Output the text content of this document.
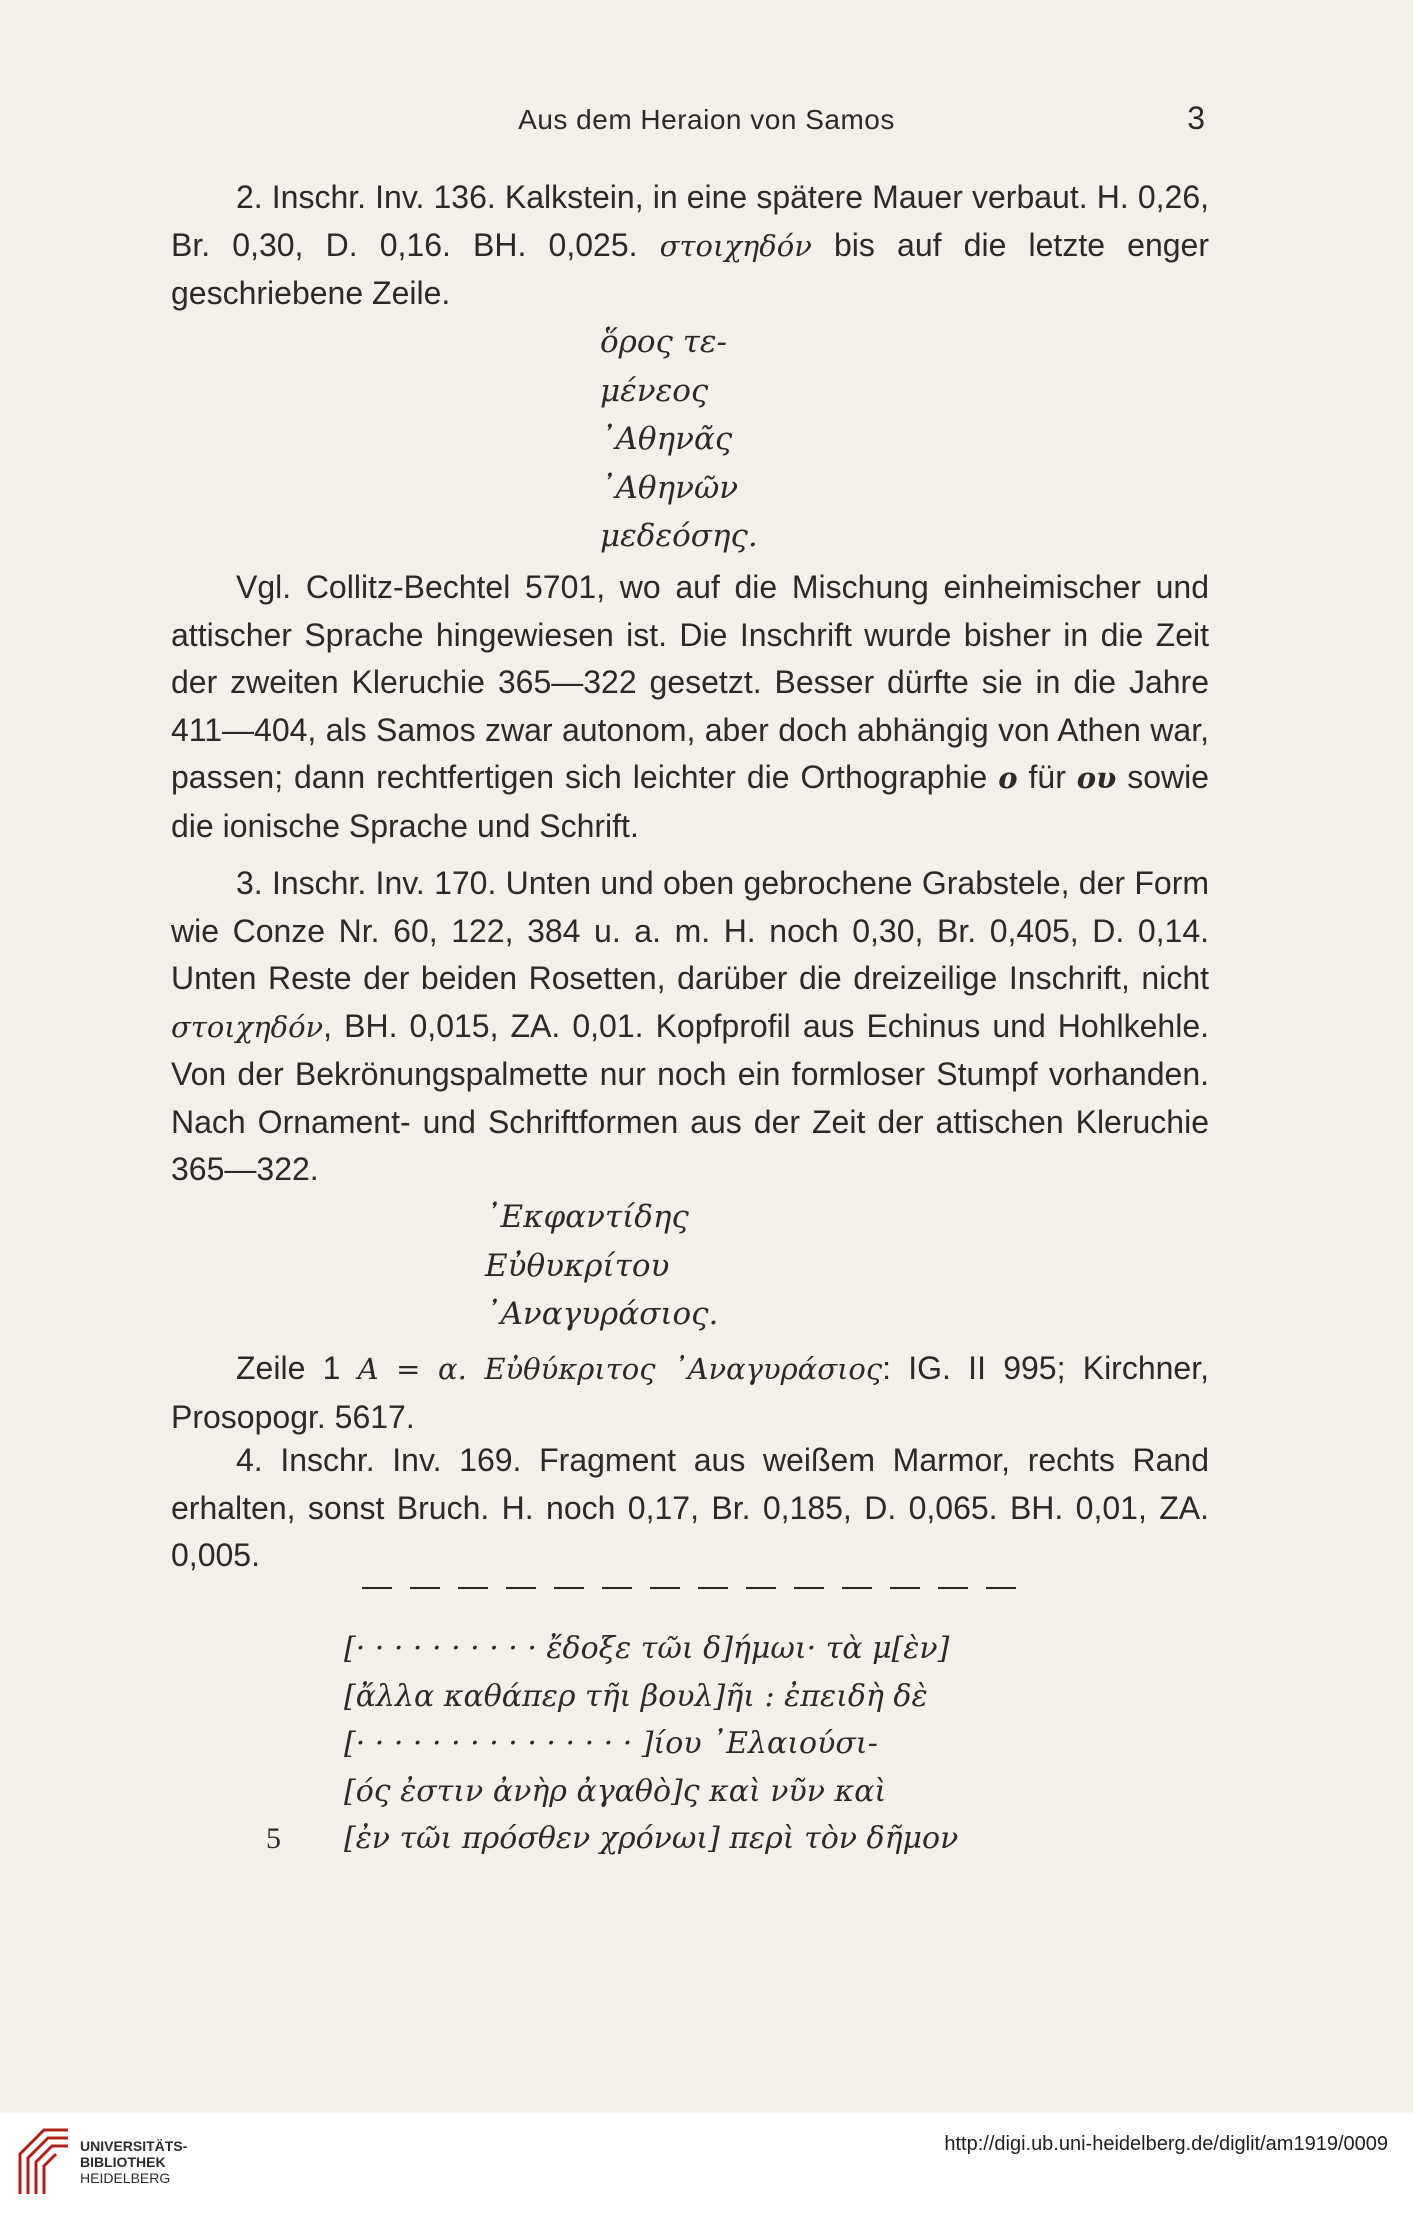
Aus dem Heraion von Samos	3

2. Inschr. Inv. 136. Kalkstein, in eine spätere Mauer verbaut. H. 0,26, Br. 0,30, D. 0,16. BH. 0,025. στοιχηδόν bis auf die letzte enger geschriebene Zeile.

ὅρος τε-
μένεος
᾿Αθηνᾶς
᾿Αθηνῶν
μεδεόσης.

Vgl. Collitz-Bechtel 5701, wo auf die Mischung einheimischer und attischer Sprache hingewiesen ist. Die Inschrift wurde bisher in die Zeit der zweiten Kleruchie 365—322 gesetzt. Besser dürfte sie in die Jahre 411—404, als Samos zwar autonom, aber doch abhängig von Athen war, passen; dann rechtfertigen sich leichter die Orthographie ο für ου sowie die ionische Sprache und Schrift.

3. Inschr. Inv. 170. Unten und oben gebrochene Grabstele, der Form wie Conze Nr. 60, 122, 384 u. a. m. H. noch 0,30, Br. 0,405, D. 0,14. Unten Reste der beiden Rosetten, darüber die dreizeilige Inschrift, nicht στοιχηδόν, BH. 0,015, ZA. 0,01. Kopfprofil aus Echinus und Hohlkehle. Von der Bekrönungspalmette nur noch ein formloser Stumpf vorhanden. Nach Ornament- und Schriftformen aus der Zeit der attischen Kleruchie 365—322.

᾿Εκφαντίδης
Εὐθυκρίτου
᾿Αναγυράσιος.

Zeile 1 Α = α. Εὐθύκριτος ᾿Αναγυράσιος: IG. II 995; Kirchner, Prosopogr. 5617.

4. Inschr. Inv. 169. Fragment aus weißem Marmor, rechts Rand erhalten, sonst Bruch. H. noch 0,17, Br. 0,185, D. 0,065. BH. 0,01, ZA. 0,005.

[· · · · · · · · · · ἔδοξε τῶι δ]ήμωι· τὰ μ[ὲν]
[ἄλλα καθάπερ τῆι βουλ]ῆι : ἐπειδὴ δὲ
[· · · · · · · · · · · · · · · ]ίου ᾿Ελαιούσι-
[ός ἐστιν ἀνὴρ ἀγαθὸ]ς καὶ νῦν καὶ
5 [ἐν τῶι πρόσθεν χρόνωι] περὶ τὸν δῆμον
UNIVERSITÄTS-
BIBLIOTHEK
HEIDELBERG
http://digi.ub.uni-heidelberg.de/diglit/am1919/0009
